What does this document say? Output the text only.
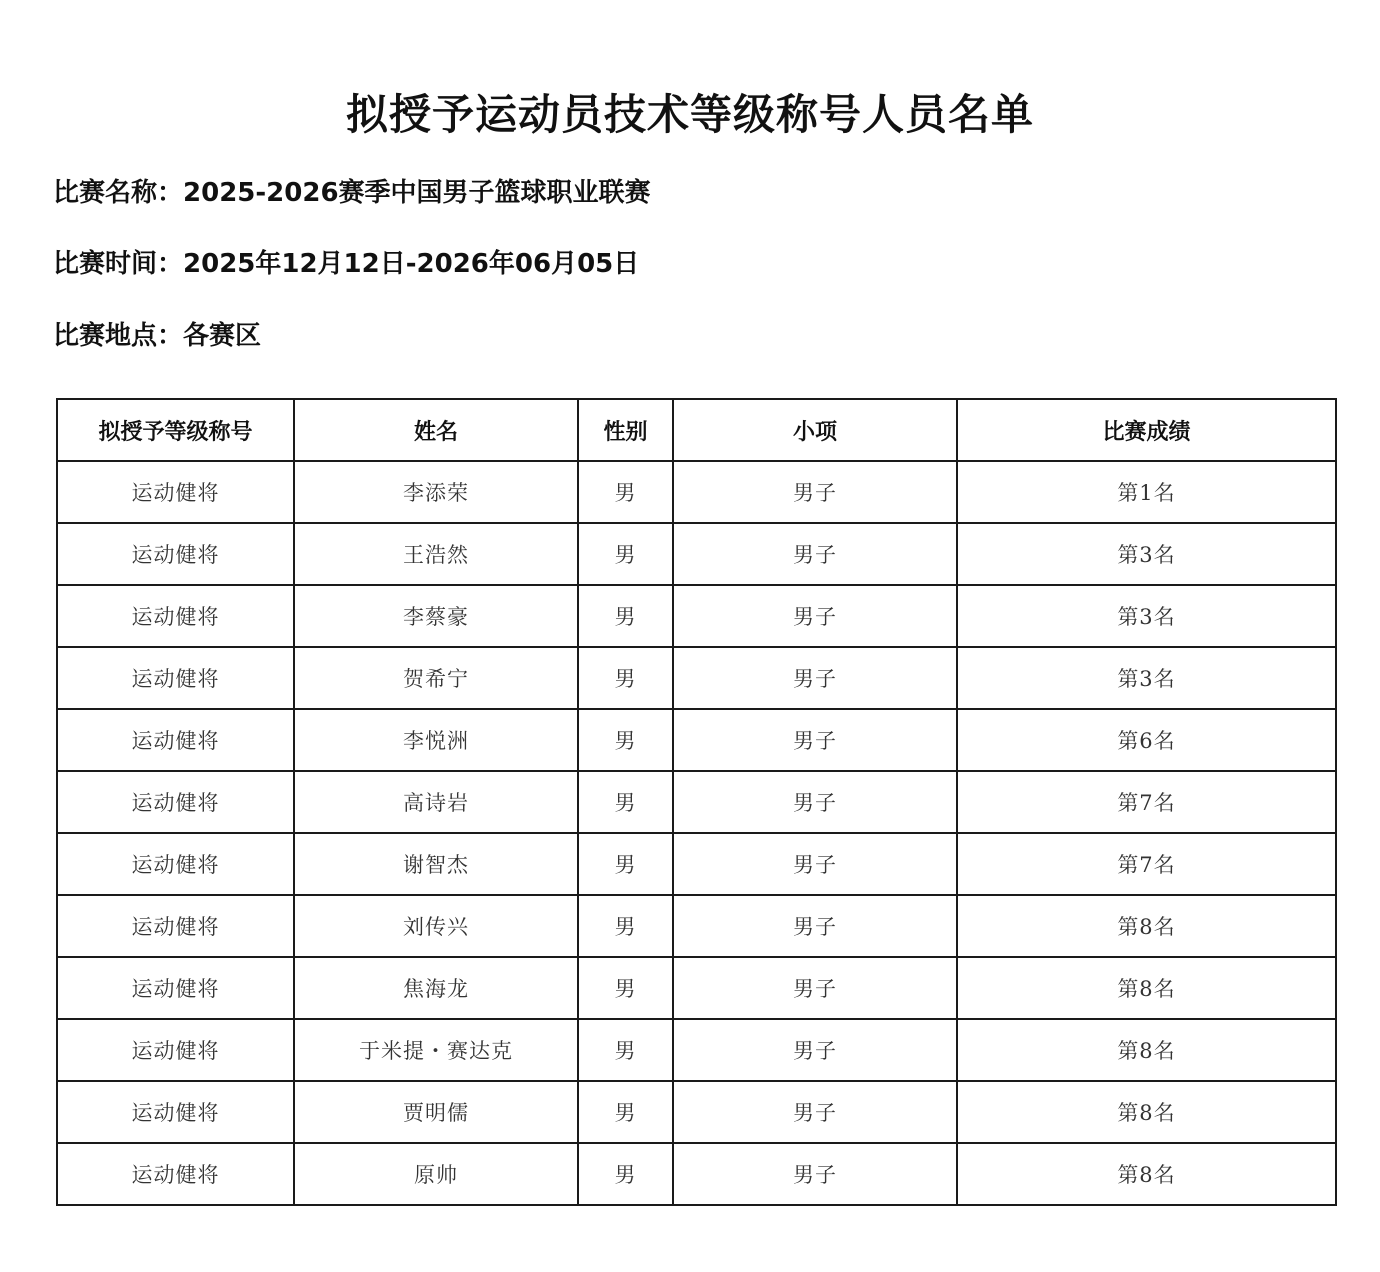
拟授予运动员技术等级称号人员名单
比赛名称：2025-2026赛季中国男子篮球职业联赛
比赛时间：2025年12月12日-2026年06月05日
比赛地点：各赛区
拟授予等级称号	姓名	性别	小项	比赛成绩
运动健将	李添荣	男	男子	第1名
运动健将	王浩然	男	男子	第3名
运动健将	李蔡豪	男	男子	第3名
运动健将	贺希宁	男	男子	第3名
运动健将	李悦洲	男	男子	第6名
运动健将	高诗岩	男	男子	第7名
运动健将	谢智杰	男	男子	第7名
运动健将	刘传兴	男	男子	第8名
运动健将	焦海龙	男	男子	第8名
运动健将	于米提・赛达克	男	男子	第8名
运动健将	贾明儒	男	男子	第8名
运动健将	原帅	男	男子	第8名
